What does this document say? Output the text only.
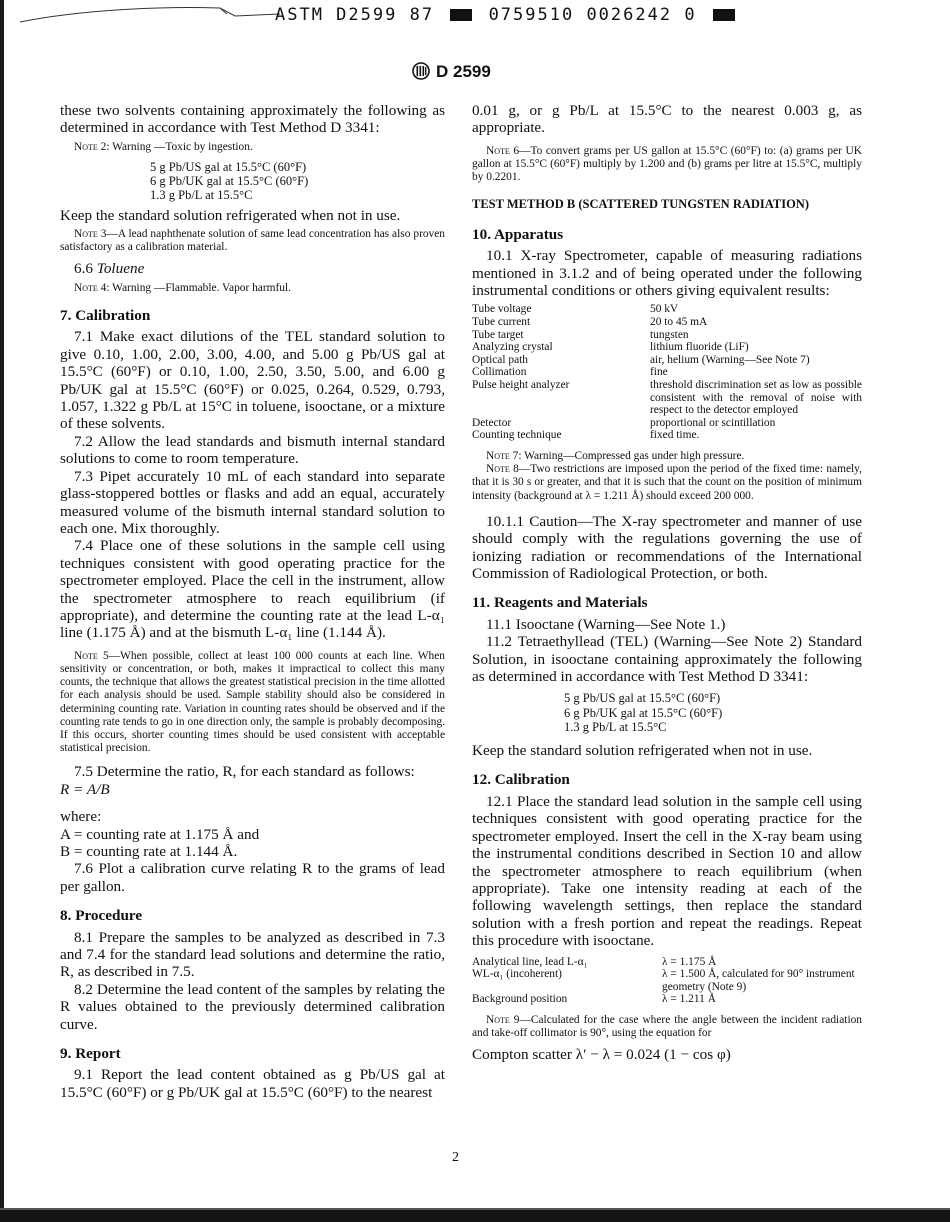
ASTM D2599 87	0759510 0026242 0
D 2599

these two solvents containing approximately the following as determined in accordance with Test Method D 3341:

Note 2: Warning —Toxic by ingestion.

5 g Pb/US gal at 15.5°C (60°F)

6 g Pb/UK gal at 15.5°C (60°F)

1.3 g Pb/L at 15.5°C

Keep the standard solution refrigerated when not in use.

Note 3—A lead naphthenate solution of same lead concentration has also proven satisfactory as a calibration material.

6.6 Toluene

Note 4: Warning —Flammable. Vapor harmful.

7. Calibration

7.1 Make exact dilutions of the TEL standard solution to give 0.10, 1.00, 2.00, 3.00, 4.00, and 5.00 g Pb/US gal at 15.5°C (60°F) or 0.10, 1.00, 2.50, 3.50, 5.00, and 6.00 g Pb/UK gal at 15.5°C (60°F) or 0.025, 0.264, 0.529, 0.793, 1.057, 1.322 g Pb/L at 15°C in toluene, isooctane, or a mixture of these solvents.

7.2 Allow the lead standards and bismuth internal standard solutions to come to room temperature.

7.3 Pipet accurately 10 mL of each standard into separate glass-stoppered bottles or flasks and add an equal, accurately measured volume of the bismuth internal standard solution to each one. Mix thoroughly.

7.4 Place one of these solutions in the sample cell using techniques consistent with good operating practice for the spectrometer employed. Place the cell in the instrument, allow the spectrometer atmosphere to reach equilibrium (if appropriate), and determine the counting rate at the lead L-α₁ line (1.175 Å) and at the bismuth L-α₁ line (1.144 Å).

Note 5—When possible, collect at least 100 000 counts at each line. When sensitivity or concentration, or both, makes it impractical to collect this many counts, the technique that allows the greatest statistical precision in the time allotted for each analysis should be used. Sample stability should also be considered in determining counting rate. Variation in counting rates should be observed and if the counting rate tends to go in one direction only, the sample is probably decomposing. If this occurs, shorter counting times should be used consistent with acceptable statistical precision.

7.5 Determine the ratio, R, for each standard as follows:

R = A/B

where:

A = counting rate at 1.175 Å and

B = counting rate at 1.144 Å.

7.6 Plot a calibration curve relating R to the grams of lead per gallon.

8. Procedure

8.1 Prepare the samples to be analyzed as described in 7.3 and 7.4 for the standard lead solutions and determine the ratio, R, as described in 7.5.

8.2 Determine the lead content of the samples by relating the R values obtained to the previously determined calibration curve.

9. Report

9.1 Report the lead content obtained as g Pb/US gal at 15.5°C (60°F) or g Pb/UK gal at 15.5°C (60°F) to the nearest

0.01 g, or g Pb/L at 15.5°C to the nearest 0.003 g, as appropriate.

Note 6—To convert grams per US gallon at 15.5°C (60°F) to: (a) grams per UK gallon at 15.5°C (60°F) multiply by 1.200 and (b) grams per litre at 15.5°C, multiply by 0.2201.

TEST METHOD B (SCATTERED TUNGSTEN RADIATION)

10. Apparatus

10.1 X-ray Spectrometer, capable of measuring radiations mentioned in 3.1.2 and of being operated under the following instrumental conditions or others giving equivalent results:

Tube voltage	50 kV
Tube current	20 to 45 mA
Tube target	tungsten
Analyzing crystal	lithium fluoride (LiF)
Optical path	air, helium (Warning—See Note 7)
Collimation	fine
Pulse height analyzer	threshold discrimination set as low as possible consistent with the removal of noise with respect to the detector employed
Detector	proportional or scintillation
Counting technique	fixed time.

Note 7: Warning—Compressed gas under high pressure.

Note 8—Two restrictions are imposed upon the period of the fixed time: namely, that it is 30 s or greater, and that it is such that the count on the position of minimum intensity (background at λ = 1.211 Å) should exceed 200 000.

10.1.1 Caution—The X-ray spectrometer and manner of use should comply with the regulations governing the use of ionizing radiation or recommendations of the International Commission of Radiological Protection, or both.

11. Reagents and Materials

11.1 Isooctane (Warning—See Note 1.)

11.2 Tetraethyllead (TEL) (Warning—See Note 2) Standard Solution, in isooctane containing approximately the following as determined in accordance with Test Method D 3341:

5 g Pb/US gal at 15.5°C (60°F)

6 g Pb/UK gal at 15.5°C (60°F)

1.3 g Pb/L at 15.5°C

Keep the standard solution refrigerated when not in use.

12. Calibration

12.1 Place the standard lead solution in the sample cell using techniques consistent with good operating practice for the spectrometer employed. Insert the cell in the X-ray beam using the instrumental conditions described in Section 10 and allow the spectrometer atmosphere to reach equilibrium (when appropriate). Take one intensity reading at each of the following wavelength settings, then replace the standard solution with a fresh portion and repeat the readings. Repeat this procedure with isooctane.

Analytical line, lead L-α₁	λ = 1.175 Å
WL-α₁ (incoherent)	λ = 1.500 Å, calculated for 90° instrument geometry (Note 9)
Background position	λ = 1.211 Å

Note 9—Calculated for the case where the angle between the incident radiation and take-off collimator is 90°, using the equation for

Compton scatter λ′ − λ = 0.024 (1 − cos φ)

2
